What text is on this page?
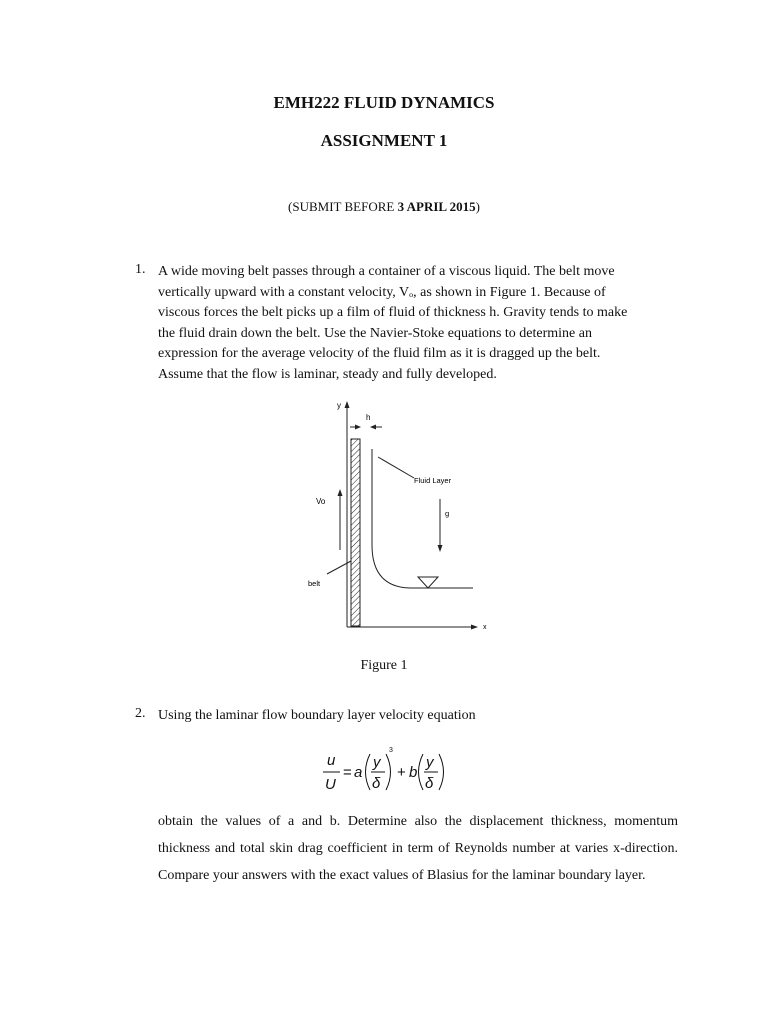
EMH222 FLUID DYNAMICS
ASSIGNMENT 1
(SUBMIT BEFORE 3 APRIL 2015)
1. A wide moving belt passes through a container of a viscous liquid. The belt move
vertically upward with a constant velocity, Vₒ, as shown in Figure 1. Because of
viscous forces the belt picks up a film of fluid of thickness h. Gravity tends to make
the fluid drain down the belt. Use the Navier-Stoke equations to determine an
expression for the average velocity of the fluid film as it is dragged up the belt.
Assume that the flow is laminar, steady and fully developed.
y
x
h
Fluid Layer
Vo
g
belt
Figure 1
2. Using the laminar flow boundary layer velocity equation
u
U
= a
y
δ
3
+ b
y
δ
obtain the values of a and b. Determine also the displacement thickness, momentum thickness and total skin drag coefficient in term of Reynolds number at varies x-direction. Compare your answers with the exact values of Blasius for the laminar boundary layer.
